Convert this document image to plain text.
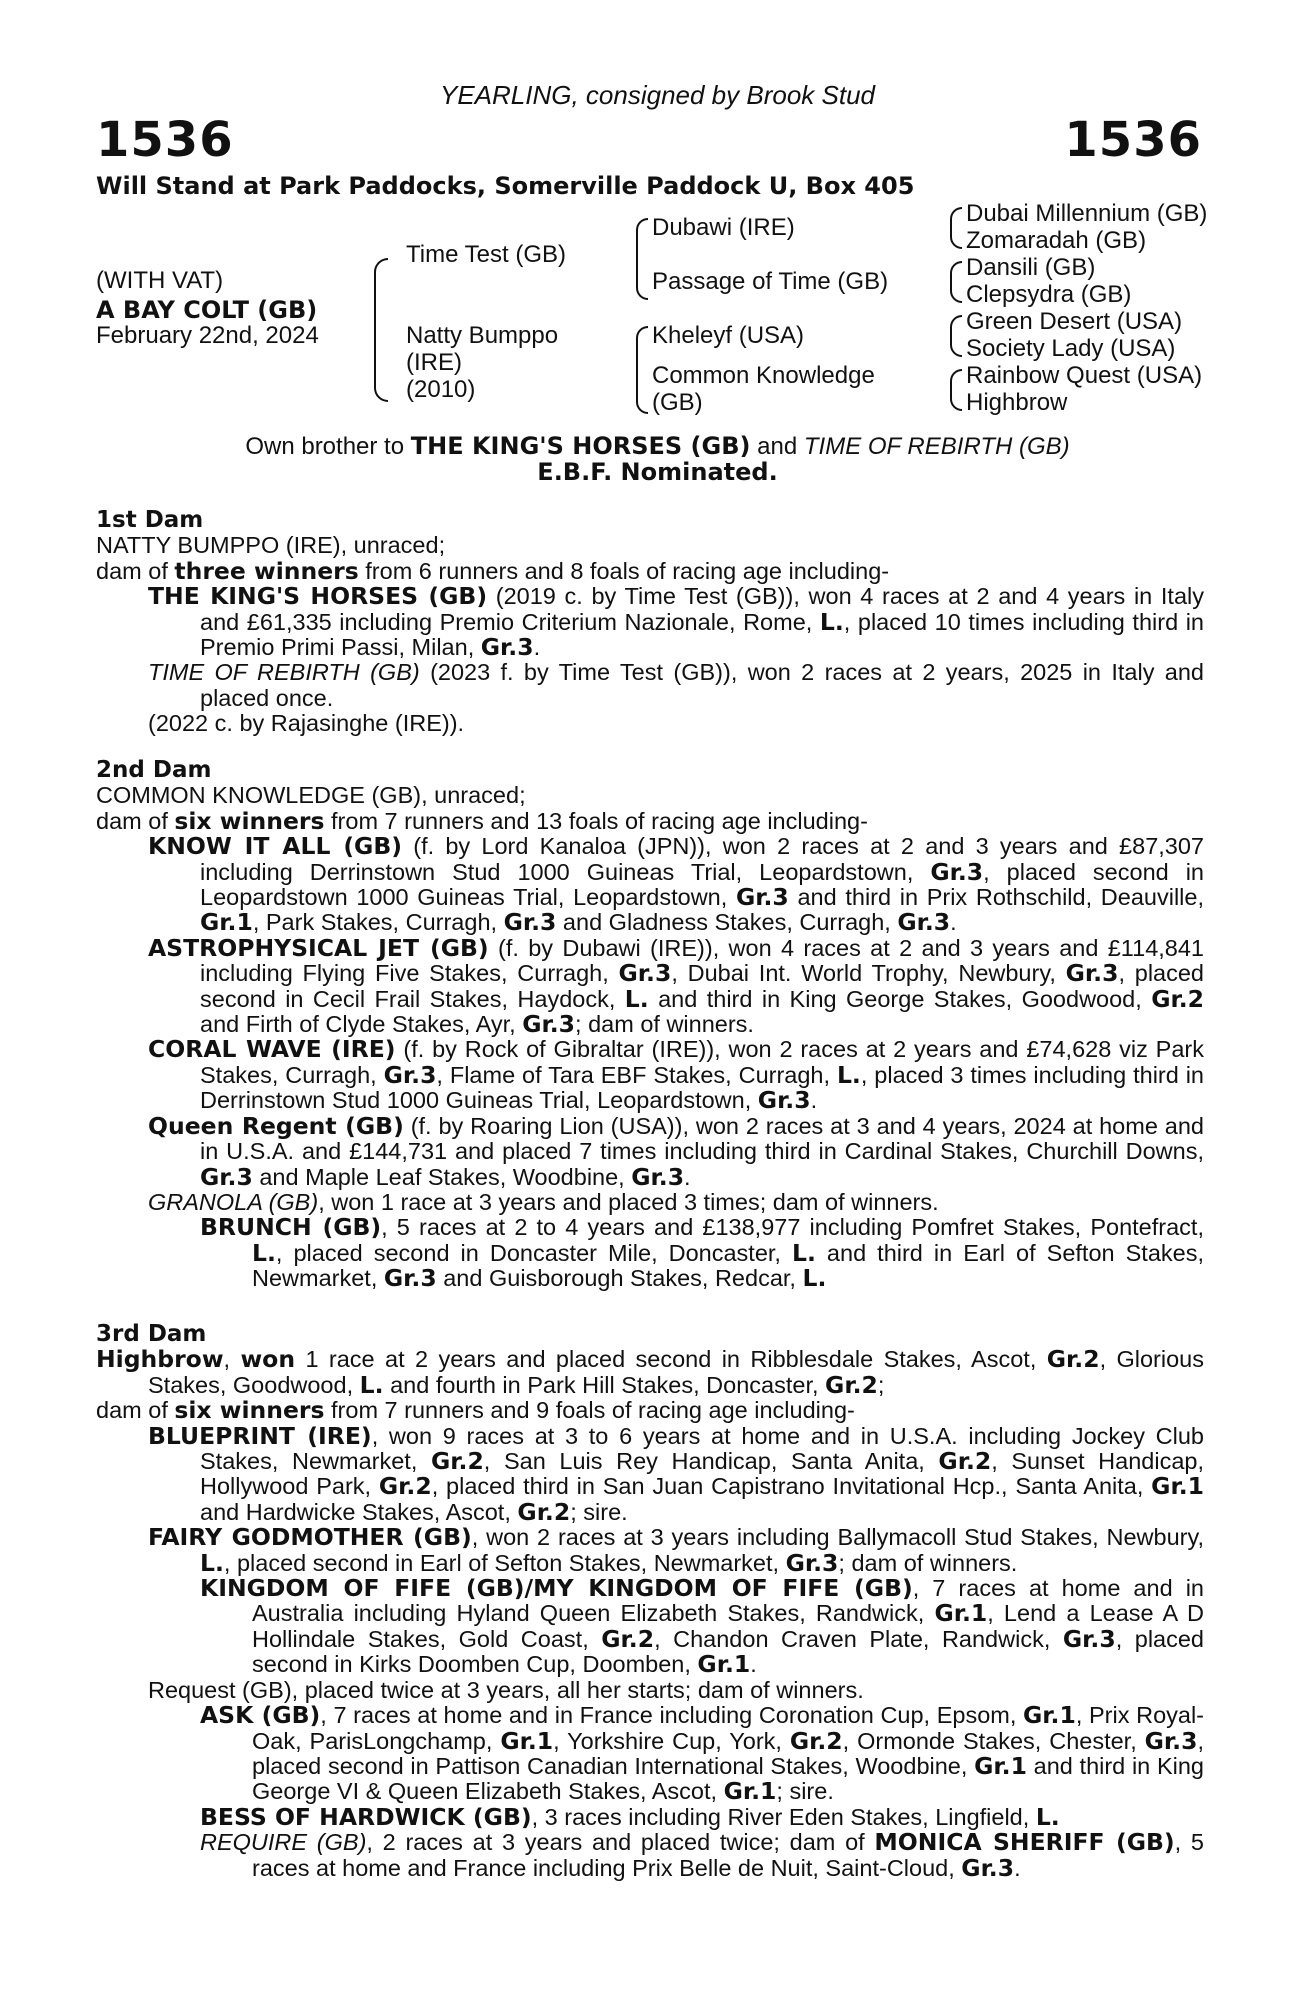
YEARLING, consigned by Brook Stud
1536	1536
Will Stand at Park Paddocks, Somerville Paddock U, Box 405
(WITH VAT)
A BAY COLT (GB)
February 22nd, 2024
Time Test (GB)
Natty Bumppo
(IRE)
(2010)
Dubawi (IRE)
Passage of Time (GB)
Kheleyf (USA)
Common Knowledge
(GB)
Dubai Millennium (GB)
Zomaradah (GB)
Dansili (GB)
Clepsydra (GB)
Green Desert (USA)
Society Lady (USA)
Rainbow Quest (USA)
Highbrow
Own brother to THE KING'S HORSES (GB) and TIME OF REBIRTH (GB)
E.B.F. Nominated.

1st Dam

NATTY BUMPPO (IRE), unraced;

dam of three winners from 6 runners and 8 foals of racing age including-

THE KING'S HORSES (GB) (2019 c. by Time Test (GB)), won 4 races at 2 and 4 years in Italy and £61,335 including Premio Criterium Nazionale, Rome, L., placed 10 times including third in Premio Primi Passi, Milan, Gr.3.

TIME OF REBIRTH (GB) (2023 f. by Time Test (GB)), won 2 races at 2 years, 2025 in Italy and placed once.

(2022 c. by Rajasinghe (IRE)).

2nd Dam

COMMON KNOWLEDGE (GB), unraced;

dam of six winners from 7 runners and 13 foals of racing age including-

KNOW IT ALL (GB) (f. by Lord Kanaloa (JPN)), won 2 races at 2 and 3 years and £87,307 including Derrinstown Stud 1000 Guineas Trial, Leopardstown, Gr.3, placed second in Leopardstown 1000 Guineas Trial, Leopardstown, Gr.3 and third in Prix Rothschild, Deauville, Gr.1, Park Stakes, Curragh, Gr.3 and Gladness Stakes, Curragh, Gr.3.

ASTROPHYSICAL JET (GB) (f. by Dubawi (IRE)), won 4 races at 2 and 3 years and £114,841 including Flying Five Stakes, Curragh, Gr.3, Dubai Int. World Trophy, Newbury, Gr.3, placed second in Cecil Frail Stakes, Haydock, L. and third in King George Stakes, Goodwood, Gr.2 and Firth of Clyde Stakes, Ayr, Gr.3; dam of winners.

CORAL WAVE (IRE) (f. by Rock of Gibraltar (IRE)), won 2 races at 2 years and £74,628 viz Park Stakes, Curragh, Gr.3, Flame of Tara EBF Stakes, Curragh, L., placed 3 times including third in Derrinstown Stud 1000 Guineas Trial, Leopardstown, Gr.3.

Queen Regent (GB) (f. by Roaring Lion (USA)), won 2 races at 3 and 4 years, 2024 at home and in U.S.A. and £144,731 and placed 7 times including third in Cardinal Stakes, Churchill Downs, Gr.3 and Maple Leaf Stakes, Woodbine, Gr.3.

GRANOLA (GB), won 1 race at 3 years and placed 3 times; dam of winners.

BRUNCH (GB), 5 races at 2 to 4 years and £138,977 including Pomfret Stakes, Pontefract, L., placed second in Doncaster Mile, Doncaster, L. and third in Earl of Sefton Stakes, Newmarket, Gr.3 and Guisborough Stakes, Redcar, L.

3rd Dam

Highbrow, won 1 race at 2 years and placed second in Ribblesdale Stakes, Ascot, Gr.2, Glorious Stakes, Goodwood, L. and fourth in Park Hill Stakes, Doncaster, Gr.2;

dam of six winners from 7 runners and 9 foals of racing age including-

BLUEPRINT (IRE), won 9 races at 3 to 6 years at home and in U.S.A. including Jockey Club Stakes, Newmarket, Gr.2, San Luis Rey Handicap, Santa Anita, Gr.2, Sunset Handicap, Hollywood Park, Gr.2, placed third in San Juan Capistrano Invitational Hcp., Santa Anita, Gr.1 and Hardwicke Stakes, Ascot, Gr.2; sire.

FAIRY GODMOTHER (GB), won 2 races at 3 years including Ballymacoll Stud Stakes, Newbury, L., placed second in Earl of Sefton Stakes, Newmarket, Gr.3; dam of winners.

KINGDOM OF FIFE (GB)/MY KINGDOM OF FIFE (GB), 7 races at home and in Australia including Hyland Queen Elizabeth Stakes, Randwick, Gr.1, Lend a Lease A D Hollindale Stakes, Gold Coast, Gr.2, Chandon Craven Plate, Randwick, Gr.3, placed second in Kirks Doomben Cup, Doomben, Gr.1.

Request (GB), placed twice at 3 years, all her starts; dam of winners.

ASK (GB), 7 races at home and in France including Coronation Cup, Epsom, Gr.1, Prix Royal-Oak, ParisLongchamp, Gr.1, Yorkshire Cup, York, Gr.2, Ormonde Stakes, Chester, Gr.3, placed second in Pattison Canadian International Stakes, Woodbine, Gr.1 and third in King George VI & Queen Elizabeth Stakes, Ascot, Gr.1; sire.

BESS OF HARDWICK (GB), 3 races including River Eden Stakes, Lingfield, L.

REQUIRE (GB), 2 races at 3 years and placed twice; dam of MONICA SHERIFF (GB), 5 races at home and France including Prix Belle de Nuit, Saint-Cloud, Gr.3.
